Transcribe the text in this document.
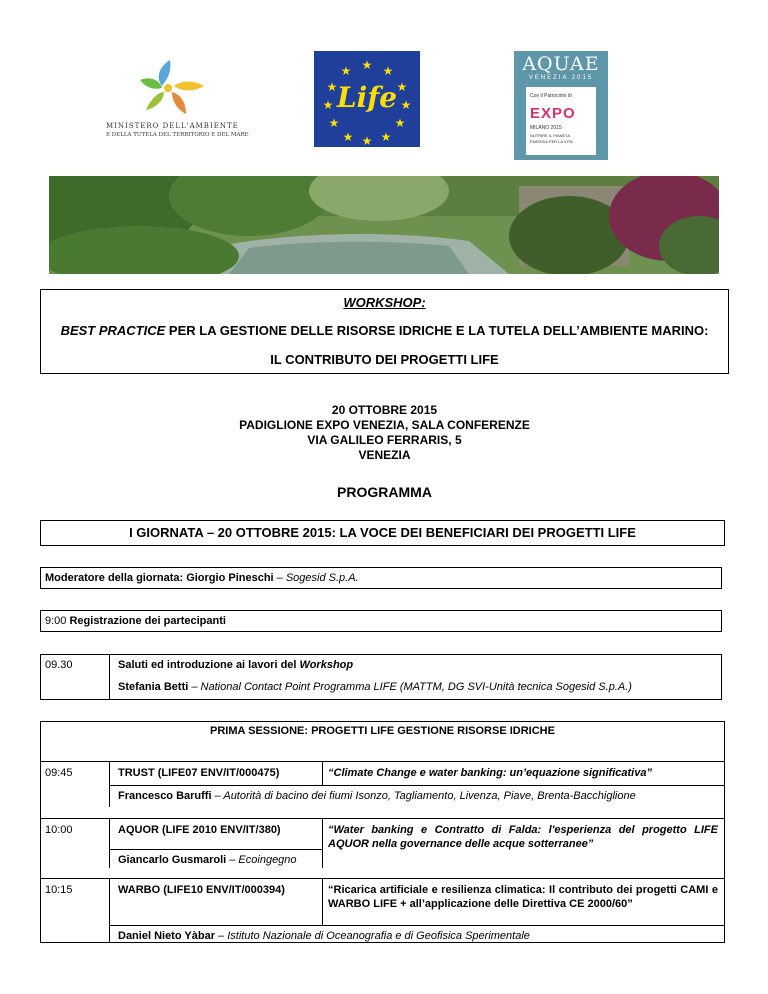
MINISTERO DELL'AMBIENTE
E DELLA TUTELA DEL TERRITORIO E DEL MARE
★ ★
★
★
★
★
★
★
★
★
★
★
Life
AQUAE
VENEZIA 2015
Con il Patrocinio di
EXPO
MILANO 2015
NUTRIRE IL PIANETA
ENERGIA PER LA VITA
WORKSHOP:
BEST PRACTICE PER LA GESTIONE DELLE RISORSE IDRICHE E LA TUTELA DELL’AMBIENTE MARINO:
IL CONTRIBUTO DEI PROGETTI LIFE
20 OTTOBRE 2015
PADIGLIONE EXPO VENEZIA, SALA CONFERENZE
VIA GALILEO FERRARIS, 5
VENEZIA
PROGRAMMA
I GIORNATA – 20 OTTOBRE 2015: LA VOCE DEI BENEFICIARI DEI PROGETTI LIFE
Moderatore della giornata: Giorgio Pineschi – Sogesid S.p.A.
9:00 Registrazione dei partecipanti
09.30	Saluti ed introduzione ai lavori del Workshop
Stefania Betti – National Contact Point Programma LIFE (MATTM, DG SVI-Unità tecnica Sogesid S.p.A.)
PRIMA SESSIONE: PROGETTI LIFE GESTIONE RISORSE IDRICHE
09:45	TRUST (LIFE07 ENV/IT/000475)	“Climate Change e water banking: un’equazione significativa”
Francesco Baruffi – Autorità di bacino dei fiumi Isonzo, Tagliamento, Livenza, Piave, Brenta-Bacchiglione
10:00	AQUOR (LIFE 2010 ENV/IT/380)	“Water banking e Contratto di Falda: l'esperienza del progetto LIFE AQUOR nella governance delle acque sotterranee”
Giancarlo Gusmaroli – Ecoingegno
10:15	WARBO (LIFE10 ENV/IT/000394)	“Ricarica artificiale e resilienza climatica: Il contributo dei progetti CAMI e WARBO LIFE + all’applicazione delle Direttiva CE 2000/60”
Daniel Nieto Yàbar – Istituto Nazionale di Oceanografia e di Geofisica Sperimentale
